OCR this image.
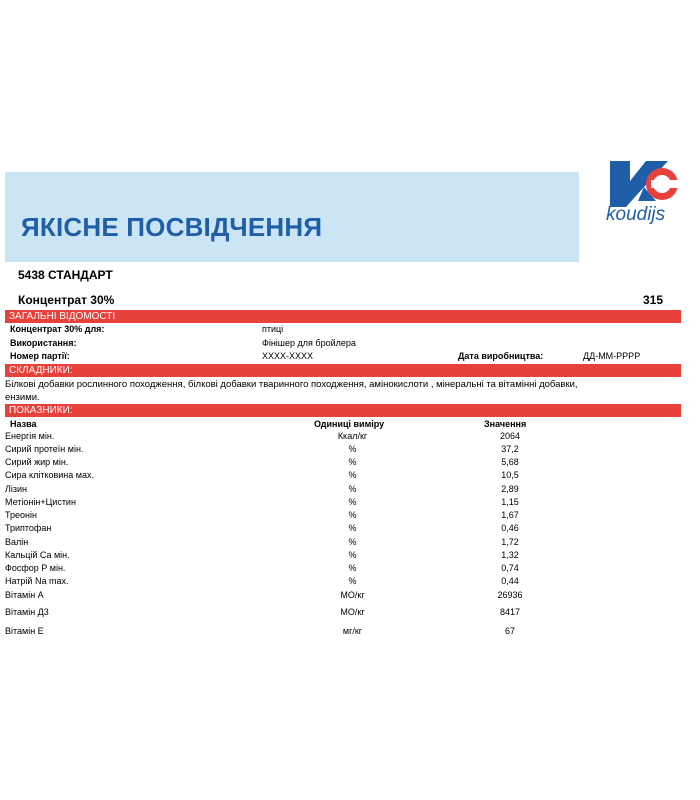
ЯКІСНЕ ПОСВІДЧЕННЯ	koudijs
5438 СТАНДАРТ
Концентрат 30%	315
ЗАГАЛЬНІ ВІДОМОСТІ
Концентрат 30% для:	птиці
Використання:	Фінішер для бройлера
Номер партії:	ХХХХ-ХХХХ	Дата виробництва:	ДД-ММ-РРРР
СКЛАДНИКИ:
Білкові добавки рослинного походження, білкові добавки тваринного походження, амінокислоти , мінеральні та вітамінні добавки, ензими.
ПОКАЗНИКИ:
Назва	Одиниці виміру	Значення
Енергія мін.	Ккал/кг	2064
Сирий протеїн мін.	%	37,2
Сирий жир мін.	%	5,68
Сира клітковина мах.	%	10,5
Лізин	%	2,89
Метіонін+Цистин	%	1,15
Треонін	%	1,67
Триптофан	%	0,46
Валін	%	1,72
Кальцій Са мін.	%	1,32
Фосфор Р мін.	%	0,74
Натрій Na max.	%	0,44
Вітамін А	МО/кг	26936
Вітамін Д3	МО/кг	8417
Вітамін Е	мг/кг	67
